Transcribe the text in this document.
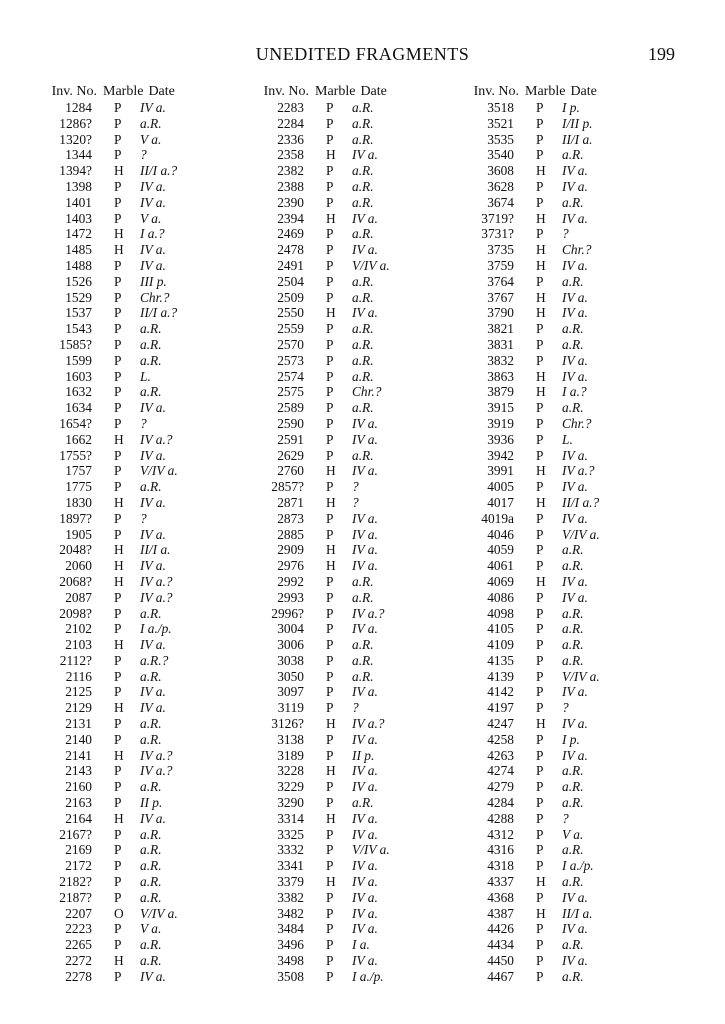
UNEDITED FRAGMENTS	199
Inv. No. Marble Date
1284 P	IV a.
1286? P	a.R.
1320? P	V a.
1344 P	?
1394? H II/I a.?
1398 P	IV a.
1401 P	IV a.
1403 P	V a.
1472 H I a.?
1485 H IV a.
1488 P	IV a.
1526 P	III p.
1529 P	Chr.?
1537 P	II/I a.?
1543 P	a.R.
1585? P	a.R.
1599 P	a.R.
1603 P	L.
1632 P	a.R.
1634 P	IV a.
1654? P	?
1662 H IV a.?
1755? P	IV a.
1757 P	V/IV a.
1775 P	a.R.
1830 H IV a.
1897? P	?
1905 P	IV a.
2048? H II/I a.
2060 H IV a.
2068? H IV a.?
2087 P	IV a.?
2098? P	a.R.
2102 P	I a./p.
2103 H IV a.
2112? P	a.R.?
2116 P	a.R.
2125 P	IV a.
2129 H IV a.
2131 P	a.R.
2140 P	a.R.
2141 H IV a.?
2143 P	IV a.?
2160 P	a.R.
2163 P	II p.
2164 H IV a.
2167? P	a.R.
2169 P	a.R.
2172 P	a.R.
2182? P	a.R.
2187? P	a.R.
2207 O V/IV a.
2223 P	V a.
2265 P	a.R.
2272 H a.R.
2278 P	IV a.
Inv. No. Marble Date
2283 P	a.R.
2284 P	a.R.
2336 P	a.R.
2358 H IV a.
2382 P	a.R.
2388 P	a.R.
2390 P	a.R.
2394 H IV a.
2469 P	a.R.
2478 P	IV a.
2491 P	V/IV a.
2504 P	a.R.
2509 P	a.R.
2550 H IV a.
2559 P	a.R.
2570 P	a.R.
2573 P	a.R.
2574 P	a.R.
2575 P	Chr.?
2589 P	a.R.
2590 P	IV a.
2591 P	IV a.
2629 P	a.R.
2760 H IV a.
2857? P	?
2871 H ?
2873 P	IV a.
2885 P	IV a.
2909 H IV a.
2976 H IV a.
2992 P	a.R.
2993 P	a.R.
2996? P	IV a.?
3004 P	IV a.
3006 P	a.R.
3038 P	a.R.
3050 P	a.R.
3097 P	IV a.
3119 P	?
3126? H IV a.?
3138 P	IV a.
3189 P	II p.
3228 H IV a.
3229 P	IV a.
3290 P	a.R.
3314 H IV a.
3325 P	IV a.
3332 P	V/IV a.
3341 P	IV a.
3379 H IV a.
3382 P	IV a.
3482 P	IV a.
3484 P	IV a.
3496 P	I a.
3498 P	IV a.
3508 P	I a./p.
Inv. No. Marble Date
3518 P	I p.
3521 P	I/II p.
3535 P	II/I a.
3540 P	a.R.
3608 H IV a.
3628 P	IV a.
3674 P	a.R.
3719? H IV a.
3731? P	?
3735 H Chr.?
3759 H IV a.
3764 P	a.R.
3767 H IV a.
3790 H IV a.
3821 P	a.R.
3831 P	a.R.
3832 P	IV a.
3863 H IV a.
3879 H I a.?
3915 P	a.R.
3919 P	Chr.?
3936 P	L.
3942 P	IV a.
3991 H IV a.?
4005 P	IV a.
4017 H II/I a.?
4019a P	IV a.
4046 P	V/IV a.
4059 P	a.R.
4061 P	a.R.
4069 H IV a.
4086 P	IV a.
4098 P	a.R.
4105 P	a.R.
4109 P	a.R.
4135 P	a.R.
4139 P	V/IV a.
4142 P	IV a.
4197 P	?
4247 H IV a.
4258 P	I p.
4263 P	IV a.
4274 P	a.R.
4279 P	a.R.
4284 P	a.R.
4288 P	?
4312 P	V a.
4316 P	a.R.
4318 P	I a./p.
4337 H a.R.
4368 P	IV a.
4387 H II/I a.
4426 P	IV a.
4434 P	a.R.
4450 P	IV a.
4467 P	a.R.
